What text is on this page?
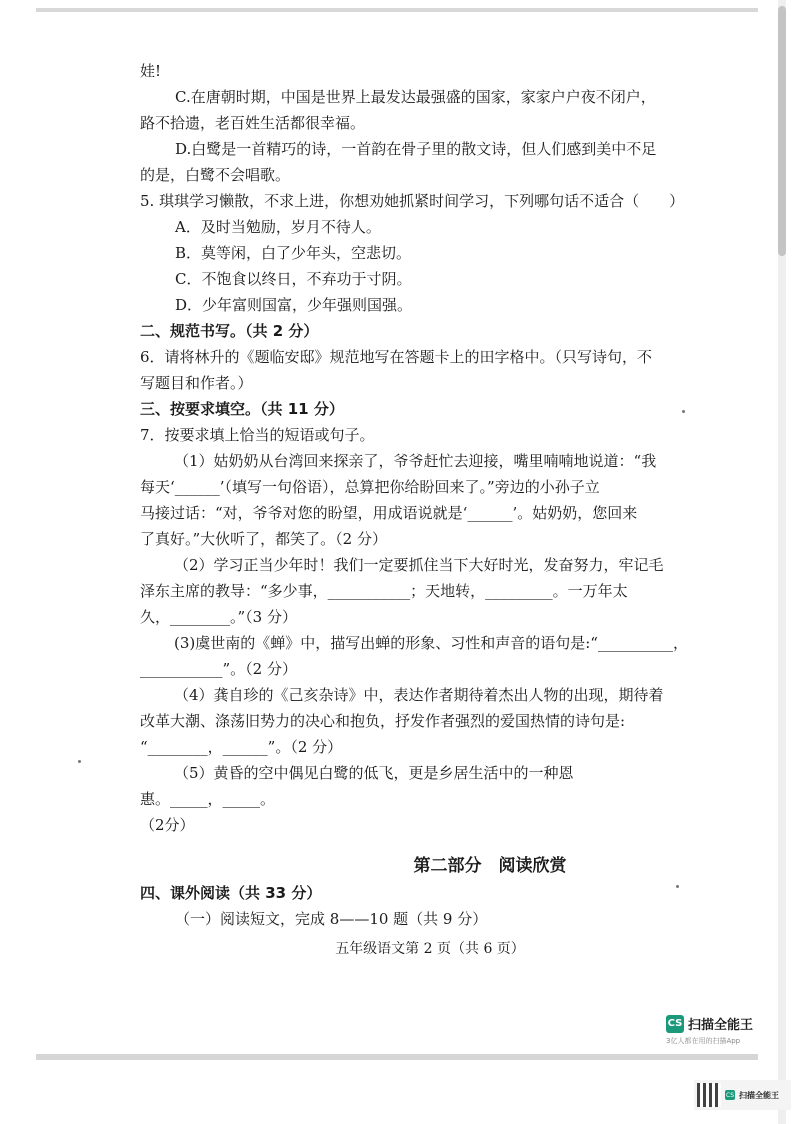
娃!
C.在唐朝时期，中国是世界上最发达最强盛的国家，家家户户夜不闭户，
路不拾遗，老百姓生活都很幸福。
D.白鹭是一首精巧的诗，一首韵在骨子里的散文诗，但人们感到美中不足
的是，白鹭不会唱歌。
5. 琪琪学习懒散，不求上进，你想劝她抓紧时间学习，下列哪句话不适合（　　）
A．及时当勉励，岁月不待人。
B．莫等闲，白了少年头，空悲切。
C．不饱食以终日，不弃功于寸阴。
D．少年富则国富，少年强则国强。
二、规范书写。（共 2 分）
6．请将林升的《题临安邸》规范地写在答题卡上的田字格中。（只写诗句，不
写题目和作者。）
三、按要求填空。（共 11 分）
7．按要求填上恰当的短语或句子。
（1）姑奶奶从台湾回来探亲了，爷爷赶忙去迎接，嘴里喃喃地说道：“我
每天‘______’（填写一句俗语），总算把你给盼回来了。”旁边的小孙子立
马接过话：“对，爷爷对您的盼望，用成语说就是‘______’。姑奶奶，您回来
了真好。”大伙听了，都笑了。（2 分）
（2）学习正当少年时！我们一定要抓住当下大好时光，发奋努力，牢记毛
泽东主席的教导：“多少事，___________；天地转，_________。一万年太
久，________。”（3 分）
(3)虞世南的《蝉》中，描写出蝉的形象、习性和声音的语句是:“__________，
___________”。（2 分）
（4）龚自珍的《己亥杂诗》中，表达作者期待着杰出人物的出现，期待着
改革大潮、涤荡旧势力的决心和抱负，抒发作者强烈的爱国热情的诗句是:
“________，______”。（2 分）
（5）黄昏的空中偶见白鹭的低飞，更是乡居生活中的一种恩
惠。_____，_____。
（2分）
第二部分　阅读欣赏
四、课外阅读（共 33 分）
（一）阅读短文，完成 8——10 题（共 9 分）
五年级语文第 2 页（共 6 页）
CS 扫描全能王
3亿人都在用的扫描App
CS 扫描全能王
